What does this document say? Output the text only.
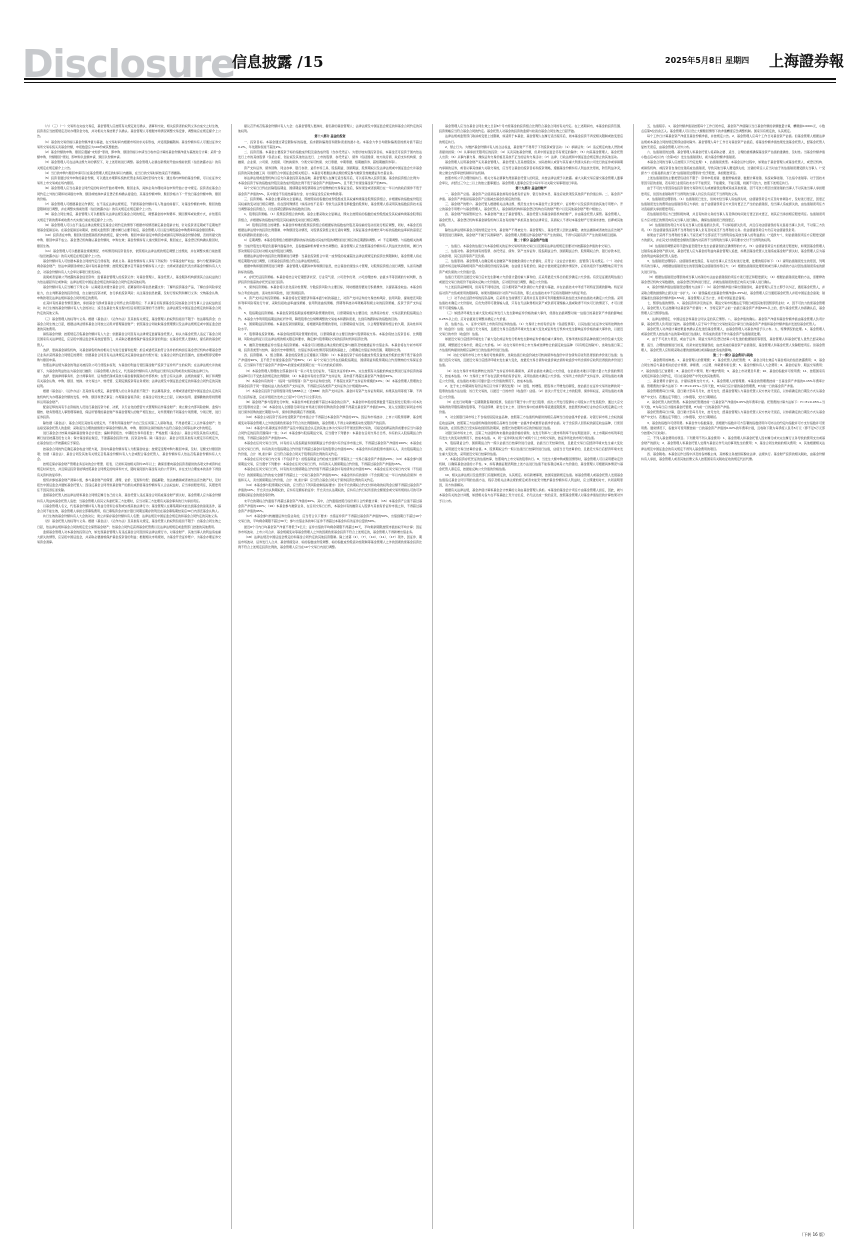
Disclosure
信息披露 /15	2025年5月8日 星期四 上海證券報

（六）（三）（一）交易所在完成交易后，基金管理人应按照有关规定进行确认、清算和交收，相关投资者的权利义务自成交之时生效，投资者应当按照规定及时办理资金交收，并对相关交易结果予以确认。基金管理人可根据市场情况调整交易安排，调整前应在规定媒介上公告。

（1）基金的交易价格以基金份额净值为基础，在交易时间内根据市场供求关系形成，并受涨跌幅限制。基金份额持有人可通过证券交易所交易系统买卖基金份额，申报数量应为100份或其整数倍。

（2）基金份额的申购、赎回应遵循“未知价”原则，即申购、赎回价格以申请当日收市后计算的基金份额净值为基准进行计算；采用“金额申购、份额赎回”原则，即申购以金额申请，赎回以份额申请。

（3）基金管理人可在法律法规允许的情况下，对上述原则进行调整。基金管理人必须在新规则开始实施前依照《信息披露办法》的有关规定在规定媒介上公告。

（4）当日的申购与赎回申请可以在基金管理人规定的时间以内撤销，在当日的交易时间结束后不得撤销。

（5）投资者通过场外申购的基金份额，可以通过办理跨系统转托管业务将其转至场内交易；通过场内申购的基金份额，可以在证券交易所上市交易或在场内赎回。

（6）基金管理人应当在基金合同约定的时间内开始办理申购、赎回业务，具体业务办理时间在申购开始公告中规定。投资者在基金合同约定之外的日期和时间提出申购、赎回或转换申请且登记机构确认接受的，其基金份额申购、赎回价格为下一开放日基金份额申购、赎回的价格。

（7）基金管理人可根据基金运作情况，在不违反法律法规规定、不损害基金份额持有人利益的前提下，对基金份额的申购、赎回的数量限制进行调整，并在调整实施前依照《信息披露办法》的有关规定在规定媒介上公告。

（8）基金合同生效后，基金管理人可以根据有关法律法规及基金合同的规定，调整基金的申购费率、赎回费率或收费方式，并依照有关规定于新的费率或收费方式实施日前在规定媒介上公告。

（9）基金管理人可以在不违反法律法规规定及基金合同约定的情形下根据市场情况制定基金促销计划，针对投资者定期或不定期地开展基金促销活动。在基金促销活动期间，按相关监管部门要求履行必要手续后，基金管理人可以适当调低基金申购费率和基金赎回费率。

（10）投资者在申购、赎回时需按照销售机构的规定，提交申购、赎回申请并备足申购资金或拥有足够的基金份额余额，否则所提交的申购、赎回申请不成立。基金登记机构确认基金份额时，申购生效；基金份额持有人递交赎回申请，赎回成立，基金登记机构确认赎回时，赎回生效。

（11）基金管理人可以根据基金规模情况、市场情况和投资者需求，依照相关法律法规的规定调整上述规则，并在调整实施日前按照《信息披露办法》的有关规定在规定媒介上公告。

基金份额持有人可依据本基金合同的约定行使权利，承担义务。基金份额持有人享有下列权利：分享基金财产收益；参与分配清算后的剩余基金财产；依法申请赎回或转让其持有的基金份额；按照规定要求召开基金份额持有人大会；出席或者委派代表出席基金份额持有人大会，对基金份额持有人大会审议事项行使表决权。

查阅或者复制公开披露的基金信息资料；监督基金管理人的投资运作；对基金管理人、基金托管人、基金服务机构损害其合法权益的行为依法提起诉讼或仲裁；法律法规及中国证监会规定的和基金合同约定的其他权利。

基金份额持有人应当履行下列义务：认真阅读并遵守基金合同、招募说明书等信息披露文件；了解所投资基金产品，了解自身风险承受能力，自主判断基金的投资价值，自主做出投资决策，自行承担投资风险；关注基金信息披露，及时行使权利和履行义务；交纳基金认购、申购款项及法律法规和基金合同所规定的费用。

在其持有的基金份额范围内，承担基金亏损或者基金合同终止的有限责任；不从事任何有损基金及其他基金合同当事人合法权益的活动；执行生效的基金份额持有人大会的决议；返还在基金交易过程中因任何原因获得的不当得利；法律法规及中国证监会规定的和基金合同约定的其他义务。

（三）基金管理人的权利与义务。根据《基金法》、《运作办法》及其他有关规定，基金管理人的权利包括但不限于：依法募集资金；自基金合同生效之日起，根据法律法规和基金合同独立运用并管理基金财产；依照基金合同收取基金管理费以及法律法规规定或中国证监会批准的其他费用。

销售基金份额；按照规定召集基金份额持有人大会；依据基金合同及有关法律规定监督基金托管人，如认为基金托管人违反了基金合同及国家有关法律规定，应呈报中国证监会和其他监管部门，并采取必要措施保护基金投资者的利益；在基金托管人更换时，提名新的基金托管人。

选择、更换基金销售机构，对基金销售机构的相关行为进行监督和处理；担任或委托其他符合条件的机构担任基金登记机构办理基金登记业务并获得基金合同规定的费用；依据基金合同及有关法律规定决定基金收益的分配方案；在基金合同约定的范围内，拒绝或暂停受理申购与赎回申请。

依照法律法规为基金的利益对被投资公司行使股东权利，为基金的利益行使因基金财产投资于证券所产生的权利；在法律法规允许的前提下，为基金的利益依法为基金进行融资；以基金管理人的名义，代表基金份额持有人的利益行使诉讼权利或者实施其他法律行为。

选择、更换律师事务所、会计师事务所、证券经纪商或其他为基金提供服务的外部机构；在符合有关法律、法规的前提下，制订和调整有关基金认购、申购、赎回、转换、非交易过户、转托管、定期定额投资等业务规则；法律法规及中国证监会规定的和基金合同约定的其他权利。

根据《基金法》、《运作办法》及其他有关规定，基金管理人的义务包括但不限于：依法募集资金，办理或者委托经中国证监会认定的其他机构代为办理基金份额的发售、申购、赎回和登记事宜；办理基金备案手续；自基金合同生效之日起，以诚实信用、谨慎勤勉的原则管理和运用基金财产。

配备足够的具有专业资格的人员进行基金投资分析、决策，以专业化的经营方式管理和运作基金财产；建立健全内部风险控制、监察与稽核、财务管理及人事管理等制度，保证所管理的基金财产和基金管理人的财产相互独立，对所管理的不同基金分别管理，分别记账，进行证券投资。

除依据《基金法》、基金合同及其他有关规定外，不得利用基金财产为自己及任何第三人谋取利益，不得委托第三人运作基金财产；依法接受基金托管人的监督；采取适当合理的措施使计算基金份额认购、申购、赎回和注销价格的方法符合基金合同等法律文件的规定。

进行基金会计核算并编制基金财务会计报告；编制季度报告、中期报告和年度报告；严格按照《基金法》、基金合同及其他有关规定，履行信息披露及报告义务；保守基金商业秘密，不泄露基金投资计划、投资意向等。除《基金法》、基金合同及其他有关规定另有规定外，在基金信息公开披露前应予保密。

按基金合同的约定确定基金收益分配方案，及时向基金份额持有人分配基金收益；按规定受理申购与赎回申请，及时、足额支付赎回款项；依据《基金法》、基金合同及其他有关规定召集基金份额持有人大会或配合基金托管人、基金份额持有人依法召集基金份额持有人大会。

按规定保存基金财产管理业务活动的会计账册、报表、记录和其他相关资料15年以上；确保需要向基金投资者提供的各项文件或资料在规定时间发出，并且保证投资者能够按照基金合同规定的时间和方式，随时查阅到与基金有关的公开资料，并在支付合理成本的条件下得到有关资料的复印件。

组织并参加基金财产清算小组，参与基金财产的保管、清理、估价、变现和分配；面临解散、依法被撤销或者被依法宣告破产时，及时报告中国证监会并通知基金托管人；因违反基金合同导致基金财产的损失或损害基金份额持有人合法权益时，应当承担赔偿责任，其赔偿责任不因其退任而免除。

监督基金托管人按法律法规和基金合同规定履行自己的义务，基金托管人违反基金合同造成基金财产损失时，基金管理人应为基金份额持有人利益向基金托管人追偿；当基金管理人将其义务委托第三方处理时，应当对第三方处理有关基金事务的行为承担责任。

以基金管理人名义，代表基金份额持有人利益行使诉讼权利或实施其他法律行为；基金管理人在募集期间未能达到基金的备案条件，基金合同不能生效，基金管理人承担全部募集费用，将已募集资金并加计银行同期活期存款利息在基金募集期结束后30日内退还基金认购人。

执行生效的基金份额持有人大会的决议；建立并保存基金份额持有人名册；法律法规及中国证监会规定的和基金合同约定的其他义务。

（四）基金托管人的权利与义务。根据《基金法》、《运作办法》及其他有关规定，基金托管人的权利包括但不限于：自基金合同生效之日起，依法律法规和基金合同的规定安全保管基金财产；依基金合同约定获得基金托管费以及法律法规规定或监管部门批准的其他费用。

监督基金管理人对本基金的投资运作，如发现基金管理人有违反基金合同及国家法律法规行为，对基金财产、其他当事人的利益造成重大损失的情形，应呈报中国证监会，并采取必要措施保护基金投资者的利益；根据相关市场规则，为基金开设证券账户、为基金办理证券交易资金清算。

提议召开或召集基金份额持有人大会；在基金管理人更换时，提名新的基金管理人；法律法规及中国证监会规定的和基金合同约定的其他权利。

第十八部分 基金的投资

一、投资目标。本基金通过紧密跟踪标的指数，追求跟踪偏离度和跟踪误差的最小化。本基金力争日均跟踪偏离度的绝对值不超过0.2%，年化跟踪误差不超过2%。

二、投资范围。本基金主要投资于标的指数成份股及备选成份股（含存托凭证）。为更好地实现投资目标，本基金还可投资于国内依法发行上市的其他股票（包括主板、创业板及其他依法发行、上市的股票、存托凭证）、债券（包括国债、地方政府债、政府支持机构债、金融债、企业债、公司债、次级债、可转换债券、分离交易可转债、央行票据、中期票据、短期融资券、超短期融资券等）。

资产支持证券、债券回购、同业存单、银行存款、货币市场工具、股指期货、国债期货、股票期权以及法律法规或中国证监会允许基金投资的其他金融工具（但须符合中国证监会相关规定）。本基金可根据法律法规的规定参与融资及转融通证券出借业务。

如法律法规或监管机构以后允许基金投资其他品种，基金管理人在履行适当程序后，可以将其纳入投资范围。基金的投资组合比例为：本基金投资于标的指数成份股及备选成份股的比例不低于基金资产净值的90%，且不低于非现金基金资产的80%。

每个交易日日终在扣除股指期货、国债期货和股票期权合约需缴纳的交易保证金后，保持现金或者到期日在一年以内的政府债券不低于基金资产净值的5%，其中现金不包括结算备付金、存出保证金及应收申购款等。

三、投资策略。本基金主要采取完全复制法，即按照标的指数的成份股组成及其权重构建基金股票投资组合，并根据标的指数成份股及其权重的变动进行相应调整。但在因特殊情况（如流动性不足等）导致无法获得足够数量的股票时，基金管理人将采用其他指数投资技术适当调整基金投资组合，以达到紧密跟踪标的指数的目的。

1、股票投资策略。（1）股票投资组合的构建。基金主要采取完全复制法，即完全按照标的指数的成份股组成及其权重构建基金股票投资组合，并根据标的指数成份股及其权重的变动进行相应调整。

（2）股票投资组合的调整。本基金所构建的股票投资组合将根据标的指数成份股及其权重的变动而进行相应调整，同时，本基金还将根据法律法规中的投资比例限制、申购赎回变动情况，对股票投资组合进行适时调整，以保证基金净值增长率与标的指数收益率间的高度正相关和跟踪误差最小化。

1）定期调整。本基金股票组合根据所跟踪的标的指数对其成份股的调整而进行相应的定期跟踪调整。2）不定期调整。与指数相关的调整：当成份股发生明显负面事件面临退市，且指数编制机构暂未作出调整的，基金管理人应当按照基金份额持有人利益优先的原则，履行内部决策程序后及时对相关成份股进行调整。

根据法律法规中的投资比例限制进行调整：当基金投资组合中某一成份股的权重超过法律法规规定的投资比例限制时，基金管理人将在规定期限内进行调整，以使基金投资组合符合法律法规的规定。

根据申购和赎回情况进行调整：基金管理人将跟踪申购和赎回信息，结合基金的现金头寸管理，对股票投资组合进行调整，从而有效跟踪标的指数。

2、存托凭证投资策略。本基金将结合对宏观经济状况、行业景气度、公司竞争优势、公司治理结构、估值水平等因素的分析判断，选择投资价值高的存托凭证进行投资。

3、债券投资策略。本基金将以优化流动性管理、分散投资风险为主要目标，同时根据需要进行积极操作，以提高基金收益。本基金将综合考虑收益性、流动性和风险性，进行积极投资。

4、资产支持证券投资策略。本基金将在宏观经济和基本面分析的基础上，对资产支持证券的交易结构风险、信用风险、提前偿还风险和利率风险等进行分析，采取包括收益率曲线策略、信用利差曲线策略、预期利率波动率策略等积极主动的投资策略，投资于资产支持证券。

5、股指期货投资策略。本基金投资股指期货将根据风险管理的原则，以套期保值为主要目的，选择流动性好、交易活跃的股指期货合约。本基金力争利用股指期货的杠杆作用，降低股票仓位频繁调整的交易成本和跟踪误差，达到有效跟踪标的指数的目的。

6、国债期货投资策略。本基金投资国债期货，将根据风险管理的原则，以套期保值为目的，以合理管理债券组合的久期、流动性和风险水平。

7、股票期权投资策略。本基金将按照风险管理的原则，以套期保值为主要目的参与股票期权交易。本基金将结合投资目标、比例限制、风险收益特征以及法律法规的相关限定和要求，确定参与股票期权交易的投资时机和投资比例。

8、融资及转融通证券出借业务投资策略。本基金可以根据法律法规的规定参与融资及转融通证券出借业务。本基金将在分析市场环境、投资者类型与结构、基金历史申赎情况、出借证券流动性情况等因素的基础上，合理确定出借证券的范围、期限和比例。

四、投资限制。1、组合限制。基金的投资组合应遵循以下限制：（1）本基金投资于标的指数成份股及备选成份股的比例不低于基金资产净值的90%，且不低于非现金基金资产的80%；（2）每个交易日日终在扣除股指期货、国债期货和股票期权合约需缴纳的交易保证金后，应当保持不低于基金资产净值5%的现金或者到期日在一年以内的政府债券。

（3）本基金管理人管理的全部基金持有一家公司发行的证券，不超过该证券的10%，完全按照有关指数的构成比例进行证券投资的基金品种可以不受此条款规定的比例限制；（4）本基金持有的全部资产支持证券，其市值不得超过基金资产净值的20%。

（5）本基金持有的同一（指同一信用级别）资产支持证券的比例，不得超过该资产支持证券规模的10%；（6）本基金管理人管理的全部基金投资于同一原始权益人的各类资产支持证券，不得超过其各类资产支持证券合计规模的10%。

（7）本基金应投资于信用级别评级为BBB以上（含BBB）的资产支持证券。基金持有资产支持证券期间，如果其信用等级下降、不再符合投资标准，应在评级报告发布之日起3个月内予以全部卖出。

（8）基金财产参与股票发行申购，本基金所申报的金额不超过本基金的总资产，本基金所申报的股票数量不超过拟发行股票公司本次发行股票的总量；（9）本基金进入全国银行间同业市场进行债券回购的资金余额不得超过基金资产净值的40%，进入全国银行间同业市场进行债券回购的最长期限为1年，债券回购到期后不得展期。

（10）本基金主动投资于流动性受限资产的市值合计不得超过本基金资产净值的15%。因证券市场波动、上市公司股票停牌、基金规模变动等基金管理人之外的因素致使基金不符合该比例限制的，基金管理人不得主动新增流动性受限资产的投资。

（11）本基金与私募类证券资管产品及中国证监会认定的其他主体为交易对手开展逆回购交易的，可接受质押品的资质要求应当与基金合同约定的投资范围保持一致；（12）本基金参与股指期货交易，应当遵守下列要求：本基金在任何交易日日终，持有的买入股指期货合约价值，不得超过基金资产净值的10%。

本基金在任何交易日日终，持有的买入股指期货和国债期货合约价值与有价证券市值之和，不得超过基金资产净值的100%；本基金在任何交易日日终，持有的卖出股指期货合约价值不得超过基金持有的股票总市值的20%；本基金所持有的股票市值和买入、卖出股指期货合约价值，合计（轧差计算）应当符合基金合同关于股票投资比例的有关约定。

本基金在任何交易日内交易（不包括平仓）的股指期货合约的成交金额不得超过上一交易日基金资产净值的20%；（13）本基金参与国债期货交易，应当遵守下列要求：本基金在任何交易日日终，持有的买入国债期货合约价值，不得超过基金资产净值的15%。

本基金在任何交易日日终，持有的卖出国债期货合约价值不得超过基金持有的债券总市值的30%；本基金在任何交易日内交易（不包括平仓）的国债期货合约的成交金额不得超过上一交易日基金资产净值的30%；本基金所持有的债券（不含到期日在一年以内的政府债券）市值和买入、卖出国债期货合约价值，合计（轧差计算）应当符合基金合同关于债券投资比例的有关约定。

（14）本基金参与股票期权交易的，应当符合下列风险控制指标要求：因未平仓的期权合约支付和收取的权利金总额不得超过基金资产净值的10%；开仓卖出认购期权的，应持有足额标的证券；开仓卖出认沽期权的，应持有合约行权所需的全额现金或交易所规则认可的可冲抵期权保证金的现金等价物。

未平仓的期权合约面值不得超过基金资产净值的20%。其中，合约面值按照行权价乘以合约乘数计算；（15）本基金资产总值不超过基金资产净值的140%；（16）本基金参与融资业务，在任何交易日日终，本基金持有的融资买入股票与其他有价证券市值之和，不得超过基金资产净值的95%。

（17）本基金参与转融通证券出借业务的，应当符合以下要求：出借证券资产不得超过基金资产净值的50%，出借到期日不超过10个交易日的，平均剩余期限不超过30天；参与出借业务的单只证券不得超过本基金持有该证券总量的50%。

最近6个月内日均基金资产净值不得低于2亿元；证券出借的平均剩余期限不得超过30天，平均剩余期限按照市值加权平均计算；因证券市场波动、上市公司合并、基金规模变动等基金管理人之外的因素致使基金投资不符合上述规定的，基金管理人不得新增出借业务。

（18）法律法规及中国证监会规定的和基金合同约定的其他投资限制。除上述第（2）、（7）、（10）、（11）、（17）项外，因证券、期货市场波动、证券发行人合并、基金规模变动、标的指数成份股调整、标的指数成份股流动性限制等基金管理人之外的因素致使基金投资比例不符合上述规定投资比例的，基金管理人应当在10个交易日内进行调整。

基金管理人应当自基金合同生效之日起6个月内使基金的投资组合比例符合基金合同的有关约定。在上述期间内，本基金的投资范围、投资策略应当符合基金合同的约定。基金托管人对基金的投资的监督与检查自基金合同生效之日起开始。

法律法规或监管部门取消或变更上述限制，如适用于本基金，基金管理人在履行适当程序后，则本基金投资不再受相关限制或按变更后的规定执行。

2、禁止行为。为维护基金份额持有人的合法权益，基金财产不得用于下列投资或者活动：（1）承销证券；（2）违反规定向他人贷款或者提供担保；（3）从事承担无限责任的投资；（4）买卖其他基金份额，但是中国证监会另有规定的除外；（5）向其基金管理人、基金托管人出资；（6）从事内幕交易、操纵证券交易价格及其他不正当的证券交易活动；（7）法律、行政法规和中国证监会规定禁止的其他活动。

基金管理人运用基金财产买卖基金管理人、基金托管人及其控股股东、实际控制人或者与其有重大利害关系的公司发行的证券或承销期内承销的证券，或者从事其他重大关联交易的，应当符合基金的投资目标和投资策略，遵循基金份额持有人利益优先原则，防范利益冲突，建立健全内部审批机制和评估机制。

按照市场公平合理价格执行。相关交易必须事先得到基金托管人的同意，并按法律法规予以披露。重大关联交易应提交基金管理人董事会审议，并经过三分之二以上的独立董事通过。基金管理人董事会应至少每半年对关联交易事项进行审查。

第十九部分 基金的财产

一、基金资产总值。基金资产总值是指基金拥有的各类有价证券、银行存款本息、基金应收款项及其他资产的价值总和。二、基金资产净值。基金资产净值是指基金资产总值减去基金负债后的价值。

三、基金财产的账户。基金托管人根据相关法律法规、规范性文件为本基金开立资金账户、证券账户以及投资所需的其他专用账户。开立的基金专用账户与基金管理人、基金托管人、基金销售机构和基金登记机构自有的财产账户以及其他基金财产账户相独立。

四、基金财产的保管和处分。本基金财产独立于基金管理人、基金托管人和基金销售机构的财产，并由基金托管人保管。基金管理人、基金托管人、基金登记机构和基金销售机构以其自有的财产承担其自身的法律责任，其债权人不得对本基金财产行使请求冻结、扣押或其他权利。

除依法律法规和基金合同的规定处分外，基金财产不得被处分。基金管理人、基金托管人因依法解散、被依法撤销或者被依法宣告破产等原因进行清算的，基金财产不属于其清算财产。基金管理人管理运作基金财产所产生的债权，不得与其固有资产产生的债务相互抵销。

第二十部分 基金资产估值

一、估值日。本基金的估值日为本基金相关的证券交易场所的交易日以及国家法律法规规定需要对外披露基金净值的非交易日。

二、估值对象。基金所拥有的股票、存托凭证、债券、资产支持证券、股指期货合约、国债期货合约、股票期权合约、银行存款本息、应收款项、其它投资等资产及负债。

三、估值原则。基金管理人在确定相关金融资产和金融负债的公允价值时，应符合《企业会计准则》、监管部门有关规定。（一）对存在活跃市场且能够获取相同资产或负债报价的投资品种，在估值日有报价的，除会计准则规定的例外情况外，应将该报价不加调整地应用于该资产或负债的公允价值计量。

估值日无报价且最近交易日后未发生影响公允价值计量的重大事件的，应采用最近交易日的报价确定公允价值。有充足证据表明估值日或最近交易日的报价不能真实反映公允价值的，应对报价进行调整，确定公允价值。

与上述投资品种相同，但具有不同特征的，应以相同资产或负债的公允价值为基础，并在估值技术中考虑不同特征因素的影响。特征是指对资产出售或使用的限制等，如果该限制是针对资产持有者的，那么在估值技术中不应将该限制作为特征考虑。

（二）对不存在活跃市场的投资品种，应采用在当前情况下适用并且有足够可利用数据和其他信息支持的估值技术确定公允价值。采用估值技术确定公允价值时，应优先使用可观察输入值，只有在无法取得相关资产或负债可观察输入值或取得不切实可行的情况下，才可以使用不可观察输入值。

（三）如经济环境发生重大变化或证券发行人发生影响证券价格的重大事件，使潜在估值调整对前一估值日的基金资产净值的影响在0.25%以上的，应对估值进行调整并确定公允价值。

四、估值方法。1、证券交易所上市的有价证券的估值。（1）交易所上市的有价证券（包括股票等），以其估值日在证券交易所挂牌的市价（收盘价）估值；估值日无交易的，且最近交易日后经济环境未发生重大变化或证券发行机构未发生影响证券价格的重大事件的，以最近交易日的市价（收盘价）估值。

如最近交易日后经济环境发生了重大变化或证券发行机构发生影响证券价格的重大事件的，可参考类似投资品种的现行市价及重大变化因素，调整最近交易市价，确定公允价格。（2）对在交易所市场上市交易或挂牌转让的固定收益品种（另有规定的除外），选取估值日第三方估值机构提供的相应品种当日的估值净价进行估值。

（3）对在交易所市场上市交易的可转换债券，选取估值日收盘价减去可转换债券收盘价中所含债券应收利息得到的净价进行估值；估值日没有交易的，且最近交易日后经济环境未发生重大变化，按最近交易日债券收盘价减去债券收盘价中所含债券应收利息得到的净价进行估值。

（4）对在交易所市场挂牌转让的资产支持证券和私募债券，采用估值技术确定公允价值，在估值技术难以可靠计量公允价值的情况下，按成本估值。（5）交易所上市不存在活跃市场的有价证券，采用估值技术确定公允价值。交易所上市的资产支持证券，采用估值技术确定公允价值，在估值技术难以可靠计量公允价值的情况下，按成本估值。

2、处于未上市期间的有价证券应区分如下情况处理：（1）送股、转增股、配股和公开增发的新股，按估值日在证券交易所挂牌的同一股票的估值方法估值；该日无交易的，以最近一日的市价（收盘价）估值。（2）首次公开发行未上市的股票、债券和权证，采用估值技术确定公允价值。

（3）在发行时明确一定期限限售期的股票，包括但不限于非公开发行股票、首次公开发行股票时公司股东公开发售股份、通过大宗交易取得的带限售期的股票等，不包括停牌、新发行未上市、回购交易中的质押券等流通受限股票，按监管机构或行业协会有关规定确定公允价值。

3、对全国银行间市场上不含权的固定收益品种，按照第三方估值机构提供的相应品种当日的估值净价估值。对银行间市场上含权的固定收益品种，按照第三方估值机构提供的相应品种当日的唯一估值净价或推荐估值净价估值。对于含投资人回售权的固定收益品种，行使回售权的，在回售登记日至实际收到回售款期间，按照长待偿期所对应的价格进行估值。

对银行间市场未上市，且第三方估值机构未提供估值价格的债券，在发行利率与二级市场利率不存在明显差异，未上市期间市场利率没有发生大的变动的情况下，按成本估值。4、同一证券同时在两个或两个以上市场交易的，按证券所处的市场分别估值。

5、股指期货合约、国债期货合约一般以估值当日结算价进行估值，估值当日无结算价的，且最近交易日后经济环境未发生重大变化的，采用最近交易日结算价估值。6、股票期权合约一般以估值当日结算价进行估值，估值当日无结算价的，且最近交易日后经济环境未发生重大变化的，采用最近交易日结算价估值。

7、本基金投资存托凭证的估值核算，依照境内上市交易的股票执行。8、当发生大额申购或赎回情形时，基金管理人可以采用摆动定价机制，以确保基金估值的公平性。9、如有确凿证据表明按上述方法进行估值不能客观反映其公允价值的，基金管理人可根据具体情况与基金托管人商定后，按最能反映公允价值的价格估值。

10、相关法律法规以及监管部门有强制规定的，从其规定。如有新增事项，按国家最新规定估值。如基金管理人或基金托管人发现基金估值违反基金合同订明的估值方法、程序及相关法律法规的规定或者未能充分维护基金份额持有人利益时，应立即通知对方，共同查明原因，双方协商解决。

根据有关法律法规，基金净值计算和基金会计核算的义务由基金管理人承担。本基金的基金会计责任方由基金管理人担任，因此，就与本基金有关的会计问题，如经相关各方在平等基础上充分讨论后，仍无法达成一致的意见，按照基金管理人对基金净值信息的计算结果对外予以公布。

五、估值程序。1、基金份额净值是按照每个工作日闭市后，基金资产净值除以当日基金份额的余额数量计算，精确到0.0001元，小数点后第5位四舍五入。基金管理人可以设立大额赎回情形下的净值精度应急调整机制。国家另有规定的，从其规定。

每个工作日计算基金资产净值及基金份额净值，并按规定公告。2、基金管理人应每个工作日对基金资产估值。但基金管理人根据法律法规或本基金合同的规定暂停估值时除外。基金管理人每个工作日对基金资产估值后，将基金份额净值结果发送基金托管人，经基金托管人复核无误后，由基金管理人对外公布。

六、估值错误的处理。基金管理人和基金托管人将采取必要、适当、合理的措施确保基金资产估值的准确性、及时性。当基金份额净值小数点后4位以内（含第4位）发生估值错误时，视为基金份额净值错误。

本基金合同的当事人应按照以下约定处理：1、估值错误类型。本基金运作过程中，如果由于基金管理人或基金托管人、或登记机构、或销售机构、或投资者自身的过错造成估值错误，导致其他当事人遭受损失的，过错的责任人应当对由于该估值错误遭受损失当事人（“受损方”）的直接损失按下述“估值错误处理原则”给予赔偿，承担赔偿责任。

上述估值错误的主要类型包括但不限于：资料申报差错、数据传输差错、数据计算差错、系统故障差错、下达指令差错等。对于因技术原因引起的差错，若系同行业现有技术水平不能预见、不能避免、不能克服，则属不可抗力，按照下述规定执行。

由于不可抗力原因造成投资者的交易资料灭失或被错误处理或造成其他差错，因不可抗力原因出现差错的当事人不对其他当事人承担赔偿责任，但因该差错取得不当得利的当事人仍应负有返还不当得利的义务。

2、估值错误处理原则。（1）估值错误已发生，但尚未给当事人造成损失时，估值错误责任方应及时协调各方，及时进行更正，因更正估值错误发生的费用由估值错误责任方承担；由于估值错误责任方未及时更正已产生的估值错误，给当事人造成损失的，由估值错误责任方对直接损失承担赔偿责任。

若估值错误责任方已经积极协调，并且有协助义务的当事人有足够的时间进行更正而未更正，则其应当承担相应赔偿责任。估值错误责任方应对更正的情况向有关当事人进行确认，确保估值错误已得到更正。

（2）估值错误的责任方对有关当事人的直接损失负责，不对间接损失负责，并且仅对估值错误的有关直接当事人负责，不对第三方负责。（3）因估值错误而获得不当得利的当事人负有及时返还不当得利的义务。但估值错误责任方仍应对估值错误负责。

如果由于获得不当得利的当事人不返还或不全部返还不当得利造成其他当事人的利益损失（“受损方”），则估值错误责任方应赔偿受损方的损失，并在其支付的赔偿金额的范围内对获得不当得利的当事人享有要求交付不当得利的权利。

（4）估值错误调整采用尽量恢复至假设未发生估值错误的正确情形的方式。（5）估值错误责任方拒绝进行赔偿时，如果因基金管理人过错造成基金财产损失时，基金托管人应为基金的利益向基金管理人追偿，如果因基金托管人过错造成基金财产损失时，基金管理人应为基金的利益向基金托管人追偿。

3、估值错误处理程序。估值错误被发现后，有关的当事人应当及时进行处理，处理的程序如下：（1）查明估值错误发生的原因，列明所有的当事人，并根据估值错误发生的原因确定估值错误的责任方；（2）根据估值错误处理原则或当事人协商的方法对因估值错误造成的损失进行评估。

（3）根据估值错误处理原则或当事人协商的方法由估值错误的责任方进行更正和赔偿损失；（4）根据估值错误处理的方法，需要修改基金登记机构交易数据的，由基金登记机构进行更正，并就估值错误的更正向有关当事人进行确认。

4、基金份额净值估值错误处理的方法如下：（1）基金份额净值计算出现错误时，基金管理人应当立即予以纠正，通报基金托管人，并采取合理的措施防止损失进一步扩大。（2）错误偏差达到基金份额净值0.25%时，基金管理人应当通报基金托管人并报中国证监会备案；错误偏差达到基金份额净值0.5%时，基金管理人应当公告，并报中国证监会备案。

七、暂停估值的情形。1、基金投资所涉及的证券、期货交易市场遇法定节假日或因其他原因暂停营业时；2、因不可抗力致使基金管理人、基金托管人无法准确评估基金资产价值时；3、当特定资产占前一估值日基金资产净值50%以上的，经与基金托管人协商确认后，基金管理人应当暂停估值。

4、法律法规规定、中国证监会和基金合同认定的其它情形。八、基金净值的确认。基金资产净值和基金份额净值由基金管理人负责计算，基金托管人负责进行复核。基金管理人应于每个开放日交易结束后计算当日的基金资产净值和基金份额净值并发送给基金托管人。

基金托管人对净值计算结果复核确认后发送给基金管理人，由基金管理人对基金净值予以公布。九、特殊情况的处理。1、基金管理人或基金托管人按估值方法的第9项进行估值时，所造成的误差不作为基金资产估值错误处理。

2、由于不可抗力原因，或由于证券、期货交易所及登记结算公司发送的数据错误等原因，基金管理人和基金托管人虽然已经采取必要、适当、合理的措施进行检查，但是未能发现错误的，由此造成的基金资产估值错误，基金管理人和基金托管人免除赔偿责任。但基金管理人、基金托管人应积极采取必要的措施减轻或消除由此造成的影响。

第二十一部分 基金费用与税收

一、基金费用的种类。1、基金管理人的管理费；2、基金托管人的托管费；3、基金合同生效后与基金相关的信息披露费用；4、基金合同生效后与基金相关的会计师费、律师费、公证费、仲裁费和诉讼费；5、基金份额持有人大会费用；6、基金的证券、期货交易费用；7、基金的银行汇划费用；8、基金的开户费用、账户维护费用；9、基金上市初费及年费；10、基金的指数许可使用费；11、按照国家有关规定和基金合同约定，可以在基金财产中列支的其他费用。

二、基金费用计提方法、计提标准和支付方式。1、基金管理人的管理费。本基金的管理费按前一日基金资产净值的0.15%年费率计提。管理费的计算方法如下：H＝E×0.15%÷当年天数，H为每日应计提的基金管理费，E为前一日的基金资产净值。

基金管理费每日计算，逐日累计至每月月末，按月支付，经基金管理人与基金托管人双方核对无误后，以协商确定的日期及方式从基金财产中支付。若遇法定节假日、公休假等，支付日期顺延。

2、基金托管人的托管费。本基金的托管费按前一日基金资产净值的0.05%的年费率计提。托管费的计算方法如下：H＝E×0.05%÷当年天数，H为每日应计提的基金托管费，E为前一日的基金资产净值。

基金托管费每日计算，逐日累计至每月月末，按月支付，经基金管理人与基金托管人双方核对无误后，以协商确定的日期及方式从基金财产中支付。若遇法定节假日、公休假等，支付日期顺延。

3、基金的指数许可使用费。本基金作为指数基金，需根据与指数许可方签署的指数使用许可协议的约定向指数许可方支付指数许可使用费。通常情况下，指数许可使用费按前一日的基金资产净值的0.02%的年费率计提，且收取下限为每季度人民币5万元（即不足5万元部分按照5万元收取）。

三、不列入基金费用的项目。下列费用不列入基金费用：1、基金管理人和基金托管人因未履行或未完全履行义务导致的费用支出或基金财产的损失；2、基金管理人和基金托管人处理与基金运作无关的事项发生的费用；3、基金合同生效前的相关费用；4、其他根据相关法律法规及中国证监会的有关规定不得列入基金费用的项目。

四、基金税收。本基金运作过程中涉及的各纳税主体，其纳税义务按国家税收法律、法规执行。基金财产投资的相关税收，由基金份额持有人承担，基金管理人或者其他扣缴义务人按照国家有关税收征收的规定代扣代缴。

（下转 16 版）
